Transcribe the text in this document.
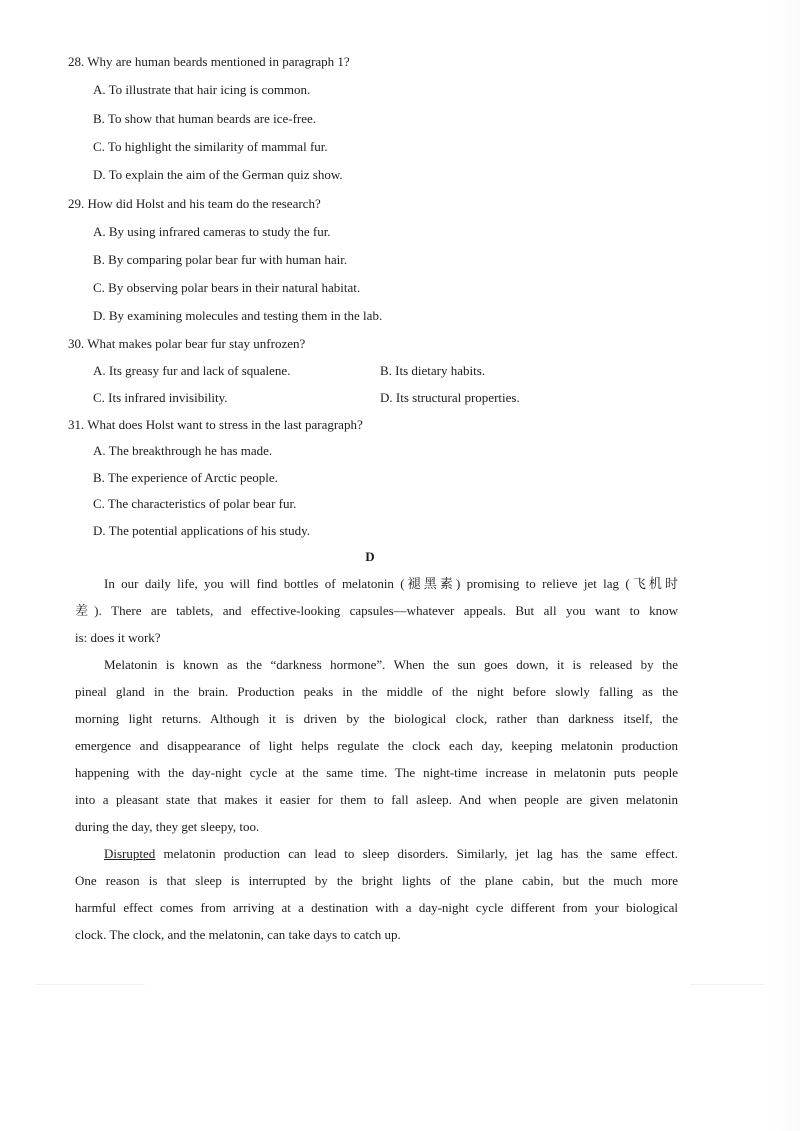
28. Why are human beards mentioned in paragraph 1?
A. To illustrate that hair icing is common.
B. To show that human beards are ice-free.
C. To highlight the similarity of mammal fur.
D. To explain the aim of the German quiz show.
29. How did Holst and his team do the research?
A. By using infrared cameras to study the fur.
B. By comparing polar bear fur with human hair.
C. By observing polar bears in their natural habitat.
D. By examining molecules and testing them in the lab.
30. What makes polar bear fur stay unfrozen?
A. Its greasy fur and lack of squalene.	B. Its dietary habits.
C. Its infrared invisibility.	D. Its structural properties.
31. What does Holst want to stress in the last paragraph?
A. The breakthrough he has made.
B. The experience of Arctic people.
C. The characteristics of polar bear fur.
D. The potential applications of his study.
D
In our daily life, you will find bottles of melatonin (褪黑素) promising to relieve jet lag (飞机时
差). There are tablets, and effective-looking capsules—whatever appeals. But all you want to know
is: does it work?
Melatonin is known as the “darkness hormone”. When the sun goes down, it is released by the
pineal gland in the brain. Production peaks in the middle of the night before slowly falling as the
morning light returns. Although it is driven by the biological clock, rather than darkness itself, the
emergence and disappearance of light helps regulate the clock each day, keeping melatonin production
happening with the day-night cycle at the same time. The night-time increase in melatonin puts people
into a pleasant state that makes it easier for them to fall asleep. And when people are given melatonin
during the day, they get sleepy, too.
Disrupted melatonin production can lead to sleep disorders. Similarly, jet lag has the same effect.
One reason is that sleep is interrupted by the bright lights of the plane cabin, but the much more
harmful effect comes from arriving at a destination with a day-night cycle different from your biological
clock. The clock, and the melatonin, can take days to catch up.
